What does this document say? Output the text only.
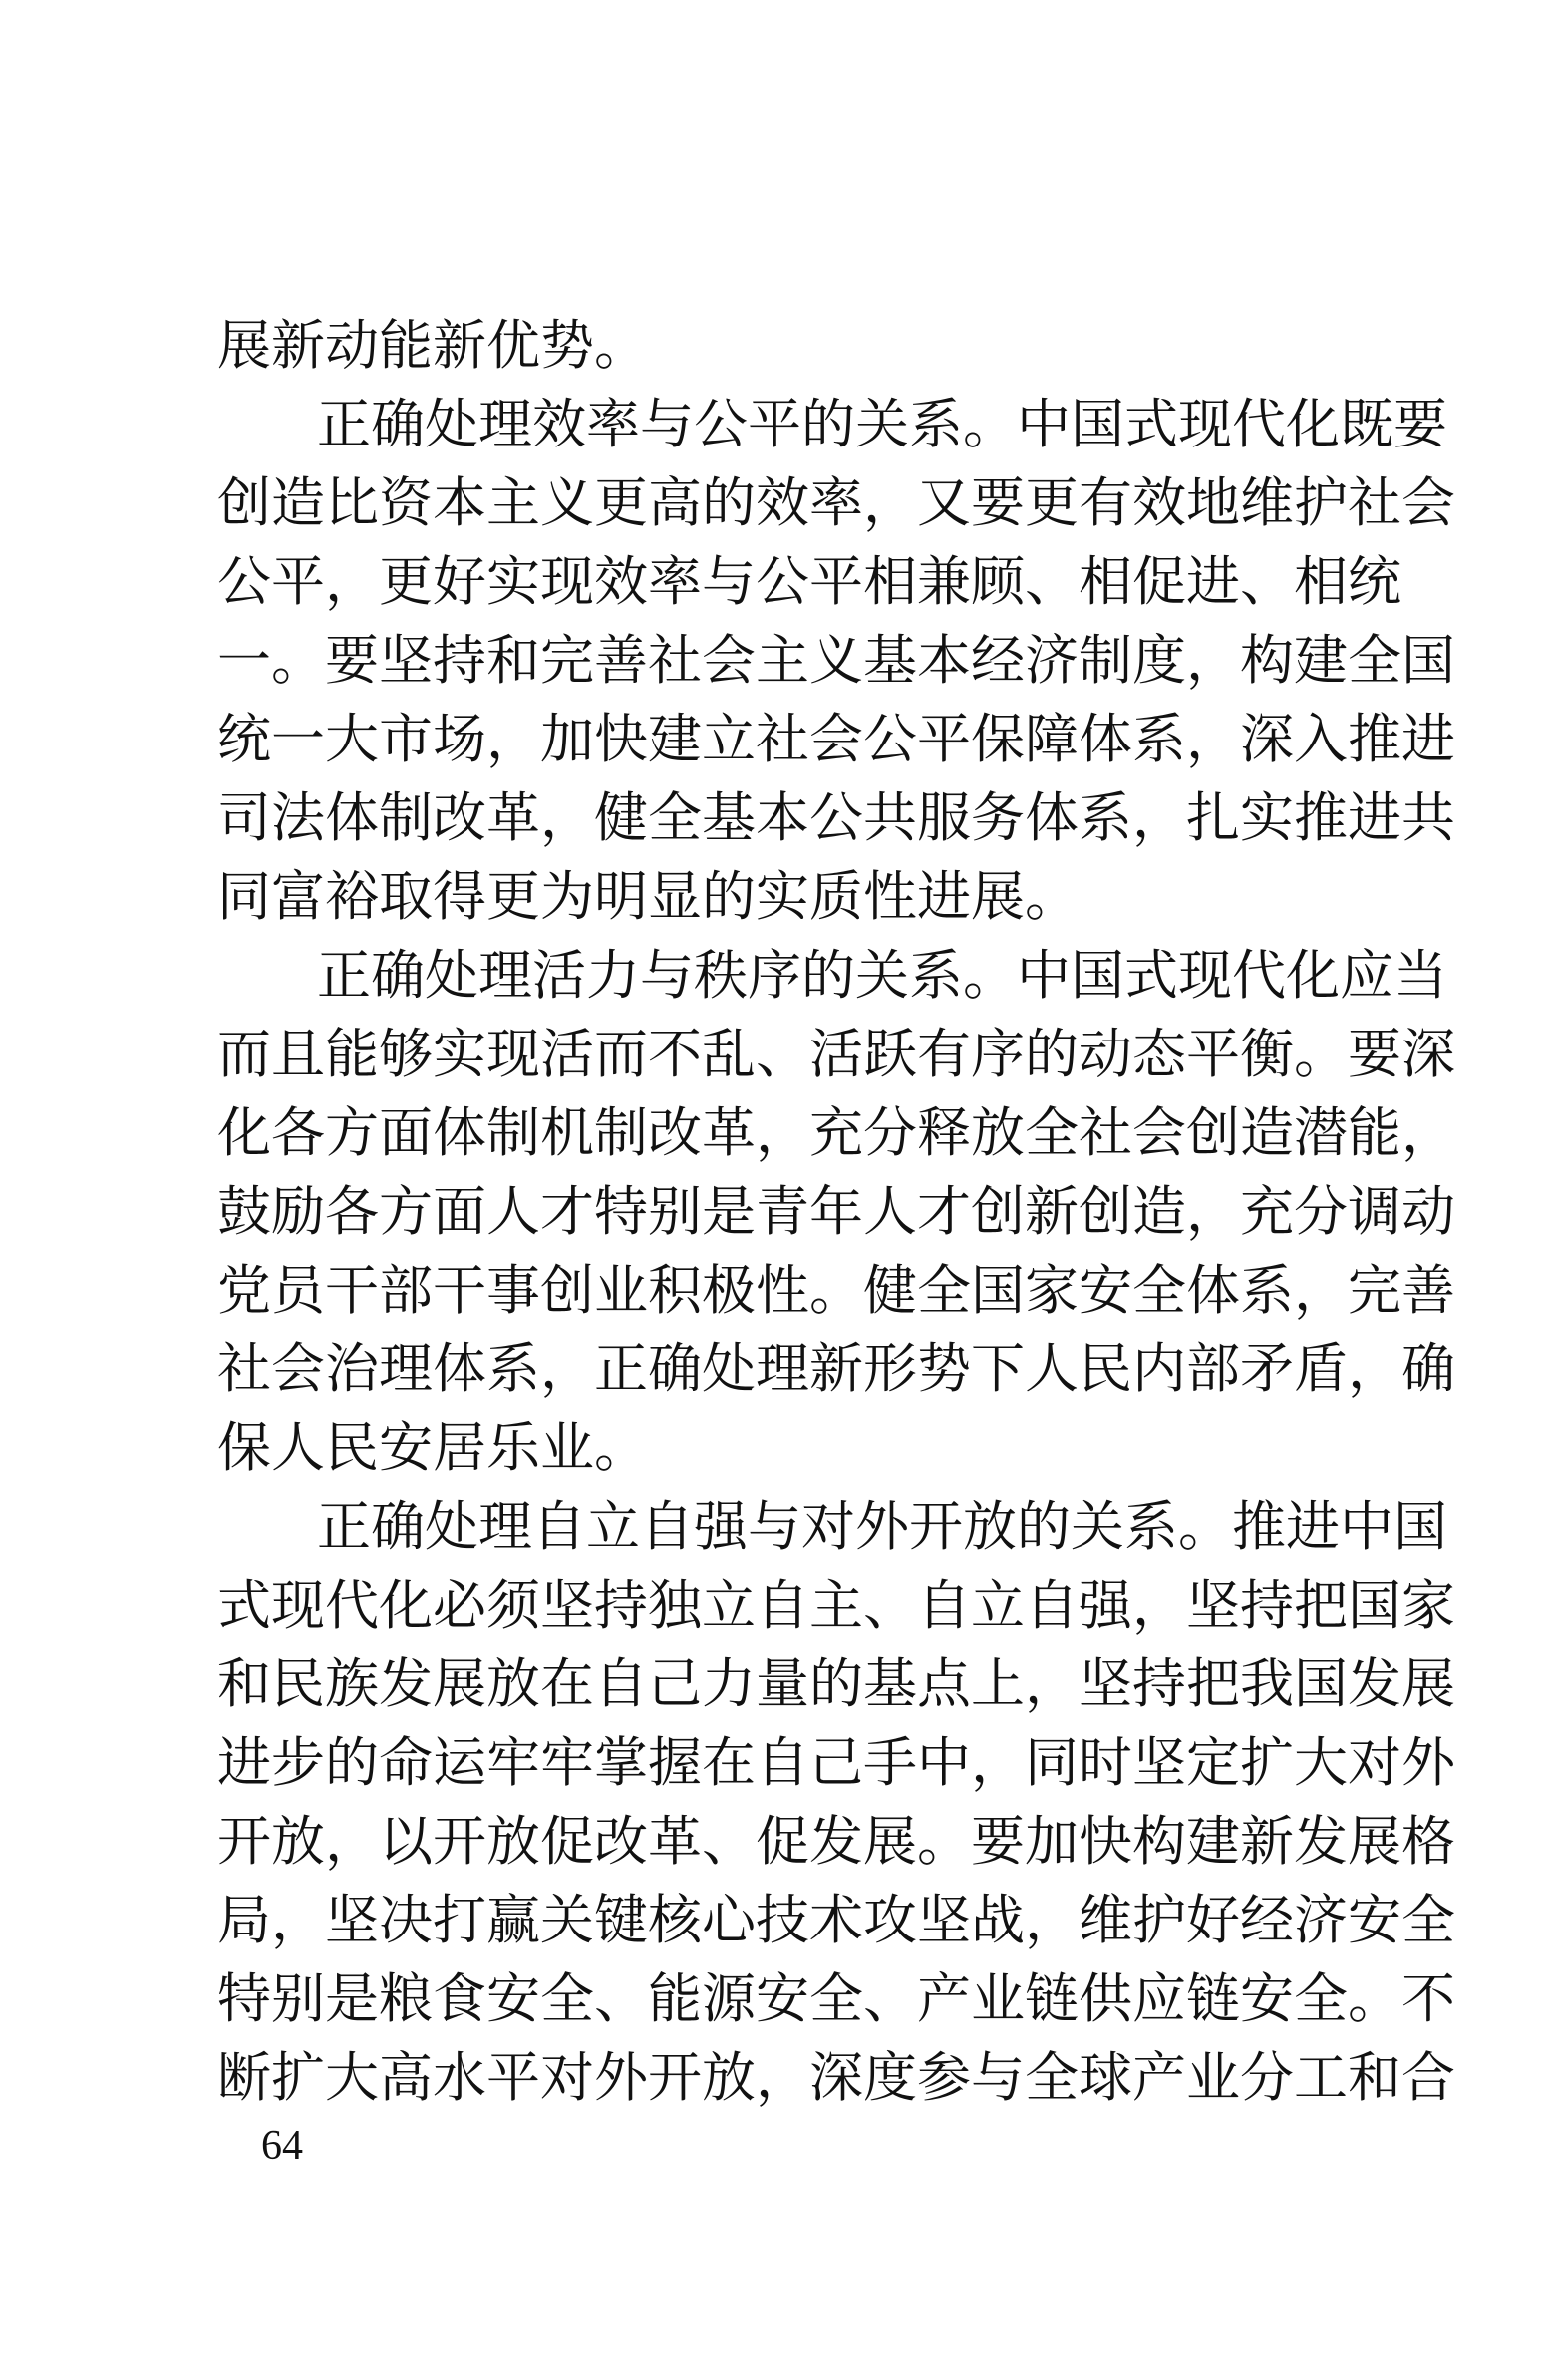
展新动能新优势。
正确处理效率与公平的关系。中国式现代化既要
创造比资本主义更高的效率，又要更有效地维护社会
公平，更好实现效率与公平相兼顾、相促进、相统
一。要坚持和完善社会主义基本经济制度，构建全国
统一大市场，加快建立社会公平保障体系，深入推进
司法体制改革，健全基本公共服务体系，扎实推进共
同富裕取得更为明显的实质性进展。
正确处理活力与秩序的关系。中国式现代化应当
而且能够实现活而不乱、活跃有序的动态平衡。要深
化各方面体制机制改革，充分释放全社会创造潜能，
鼓励各方面人才特别是青年人才创新创造，充分调动
党员干部干事创业积极性。健全国家安全体系，完善
社会治理体系，正确处理新形势下人民内部矛盾，确
保人民安居乐业。
正确处理自立自强与对外开放的关系。推进中国
式现代化必须坚持独立自主、自立自强，坚持把国家
和民族发展放在自己力量的基点上，坚持把我国发展
进步的命运牢牢掌握在自己手中，同时坚定扩大对外
开放，以开放促改革、促发展。要加快构建新发展格
局，坚决打赢关键核心技术攻坚战，维护好经济安全
特别是粮食安全、能源安全、产业链供应链安全。不
断扩大高水平对外开放，深度参与全球产业分工和合
64
